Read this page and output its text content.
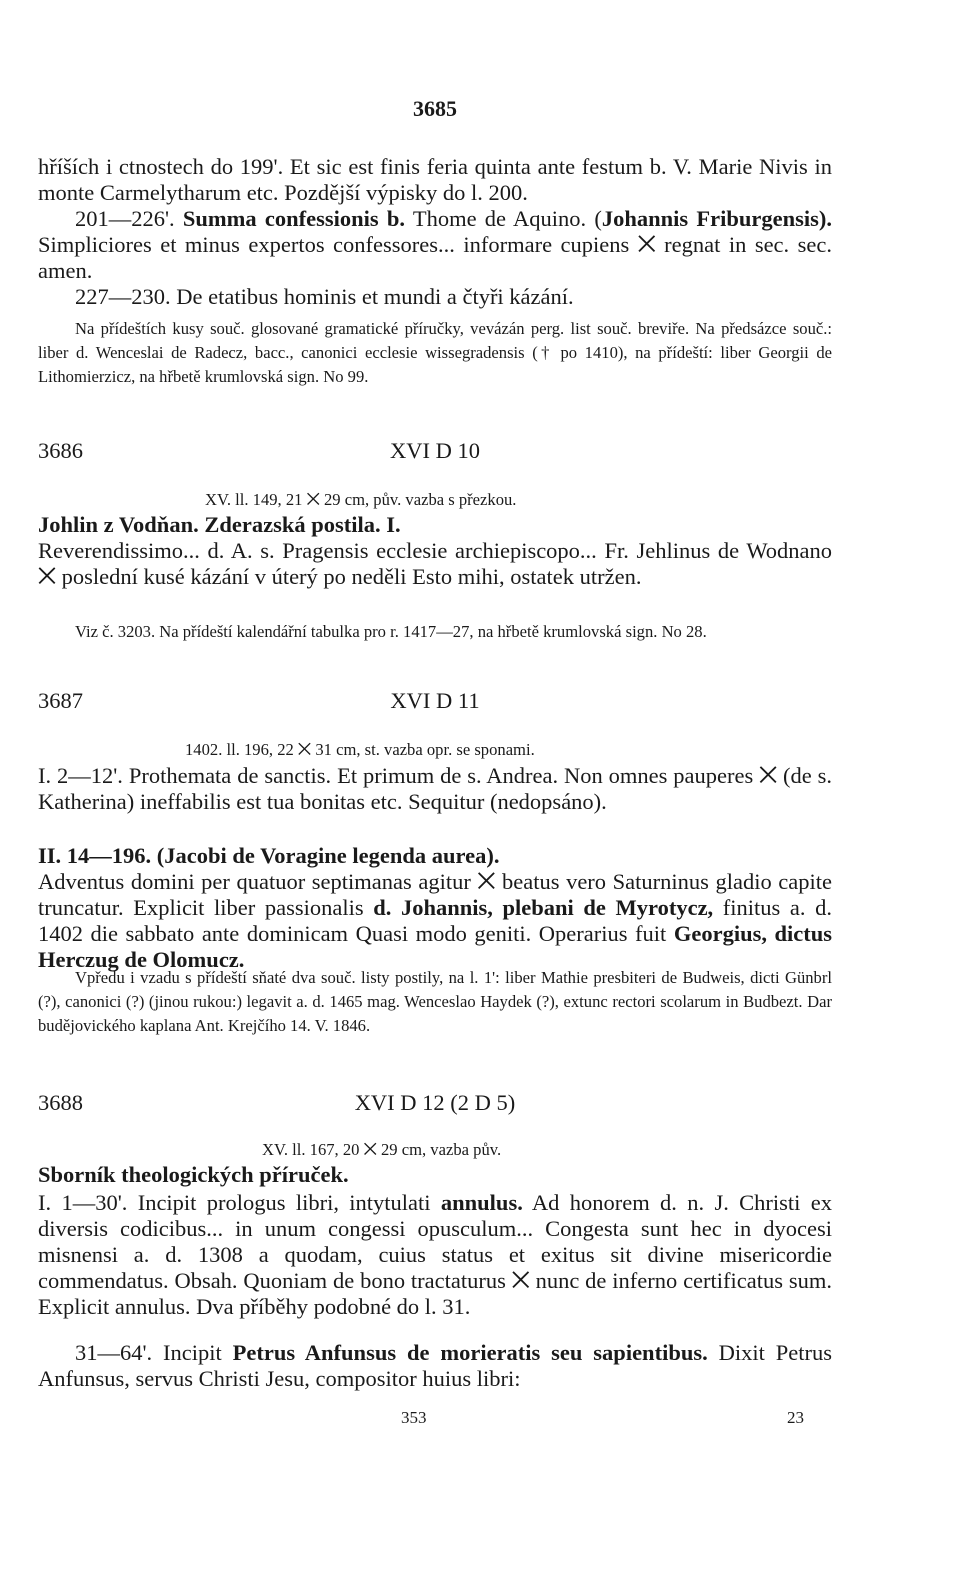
3685

hříších i ctnostech do 199'. Et sic est finis feria quinta ante festum b. V. Marie Nivis in monte Carmelytharum etc. Pozdější výpisky do l. 200.

201—226'. Summa confessionis b. Thome de Aquino. (Johannis Friburgensis). Simpliciores et minus expertos confessores... informare cupiens ⨉ regnat in sec. sec. amen.

227—230. De etatibus hominis et mundi a čtyři kázání.

Na přídeštích kusy souč. glosované gramatické příručky, vevázán perg. list souč. breviře. Na předsázce souč.: liber d. Wenceslai de Radecz, bacc., canonici ecclesie wissegradensis († po 1410), na přídeští: liber Georgii de Lithomierzicz, na hřbetě krumlovská sign. No 99.

3686	XVI D 10
XV. ll. 149, 21 ⨉ 29 cm, pův. vazba s přezkou.
Johlin z Vodňan. Zderazská postila. I.

Reverendissimo... d. A. s. Pragensis ecclesie archiepiscopo... Fr. Jehlinus de Wodnano ⨉ poslední kusé kázání v úterý po neděli Esto mihi, ostatek utržen.

Viz č. 3203. Na přídeští kalendářní tabulka pro r. 1417—27, na hřbetě krumlovská sign. No 28.

3687	XVI D 11
1402. ll. 196, 22 ⨉ 31 cm, st. vazba opr. se sponami.

I. 2—12'. Prothemata de sanctis. Et primum de s. Andrea. Non omnes pauperes ⨉ (de s. Katherina) ineffabilis est tua bonitas etc. Sequitur (nedopsáno).

II. 14—196. (Jacobi de Voragine legenda aurea).

Adventus domini per quatuor septimanas agitur ⨉ beatus vero Saturninus gladio capite truncatur. Explicit liber passionalis d. Johannis, plebani de Myrotycz, finitus a. d. 1402 die sabbato ante dominicam Quasi modo geniti. Operarius fuit Georgius, dictus Herczug de Olomucz.

Vpředu i vzadu s přídeští sňaté dva souč. listy postily, na l. 1': liber Mathie presbiteri de Budweis, dicti Günbrl (?), canonici (?) (jinou rukou:) legavit a. d. 1465 mag. Wenceslao Haydek (?), extunc rectori scolarum in Budbezt. Dar budějovického kaplana Ant. Krejčího 14. V. 1846.

3688	XVI D 12 (2 D 5)
XV. ll. 167, 20 ⨉ 29 cm, vazba pův.
Sborník theologických příruček.

I. 1—30'. Incipit prologus libri, intytulati annulus. Ad honorem d. n. J. Christi ex diversis codicibus... in unum congessi opusculum... Congesta sunt hec in dyocesi misnensi a. d. 1308 a quodam, cuius status et exitus sit divine misericordie commendatus. Obsah. Quoniam de bono tractaturus ⨉ nunc de inferno certificatus sum. Explicit annulus. Dva příběhy podobné do l. 31.

31—64'. Incipit Petrus Anfunsus de morieratis seu sapientibus. Dixit Petrus Anfunsus, servus Christi Jesu, compositor huius libri:

353	23
